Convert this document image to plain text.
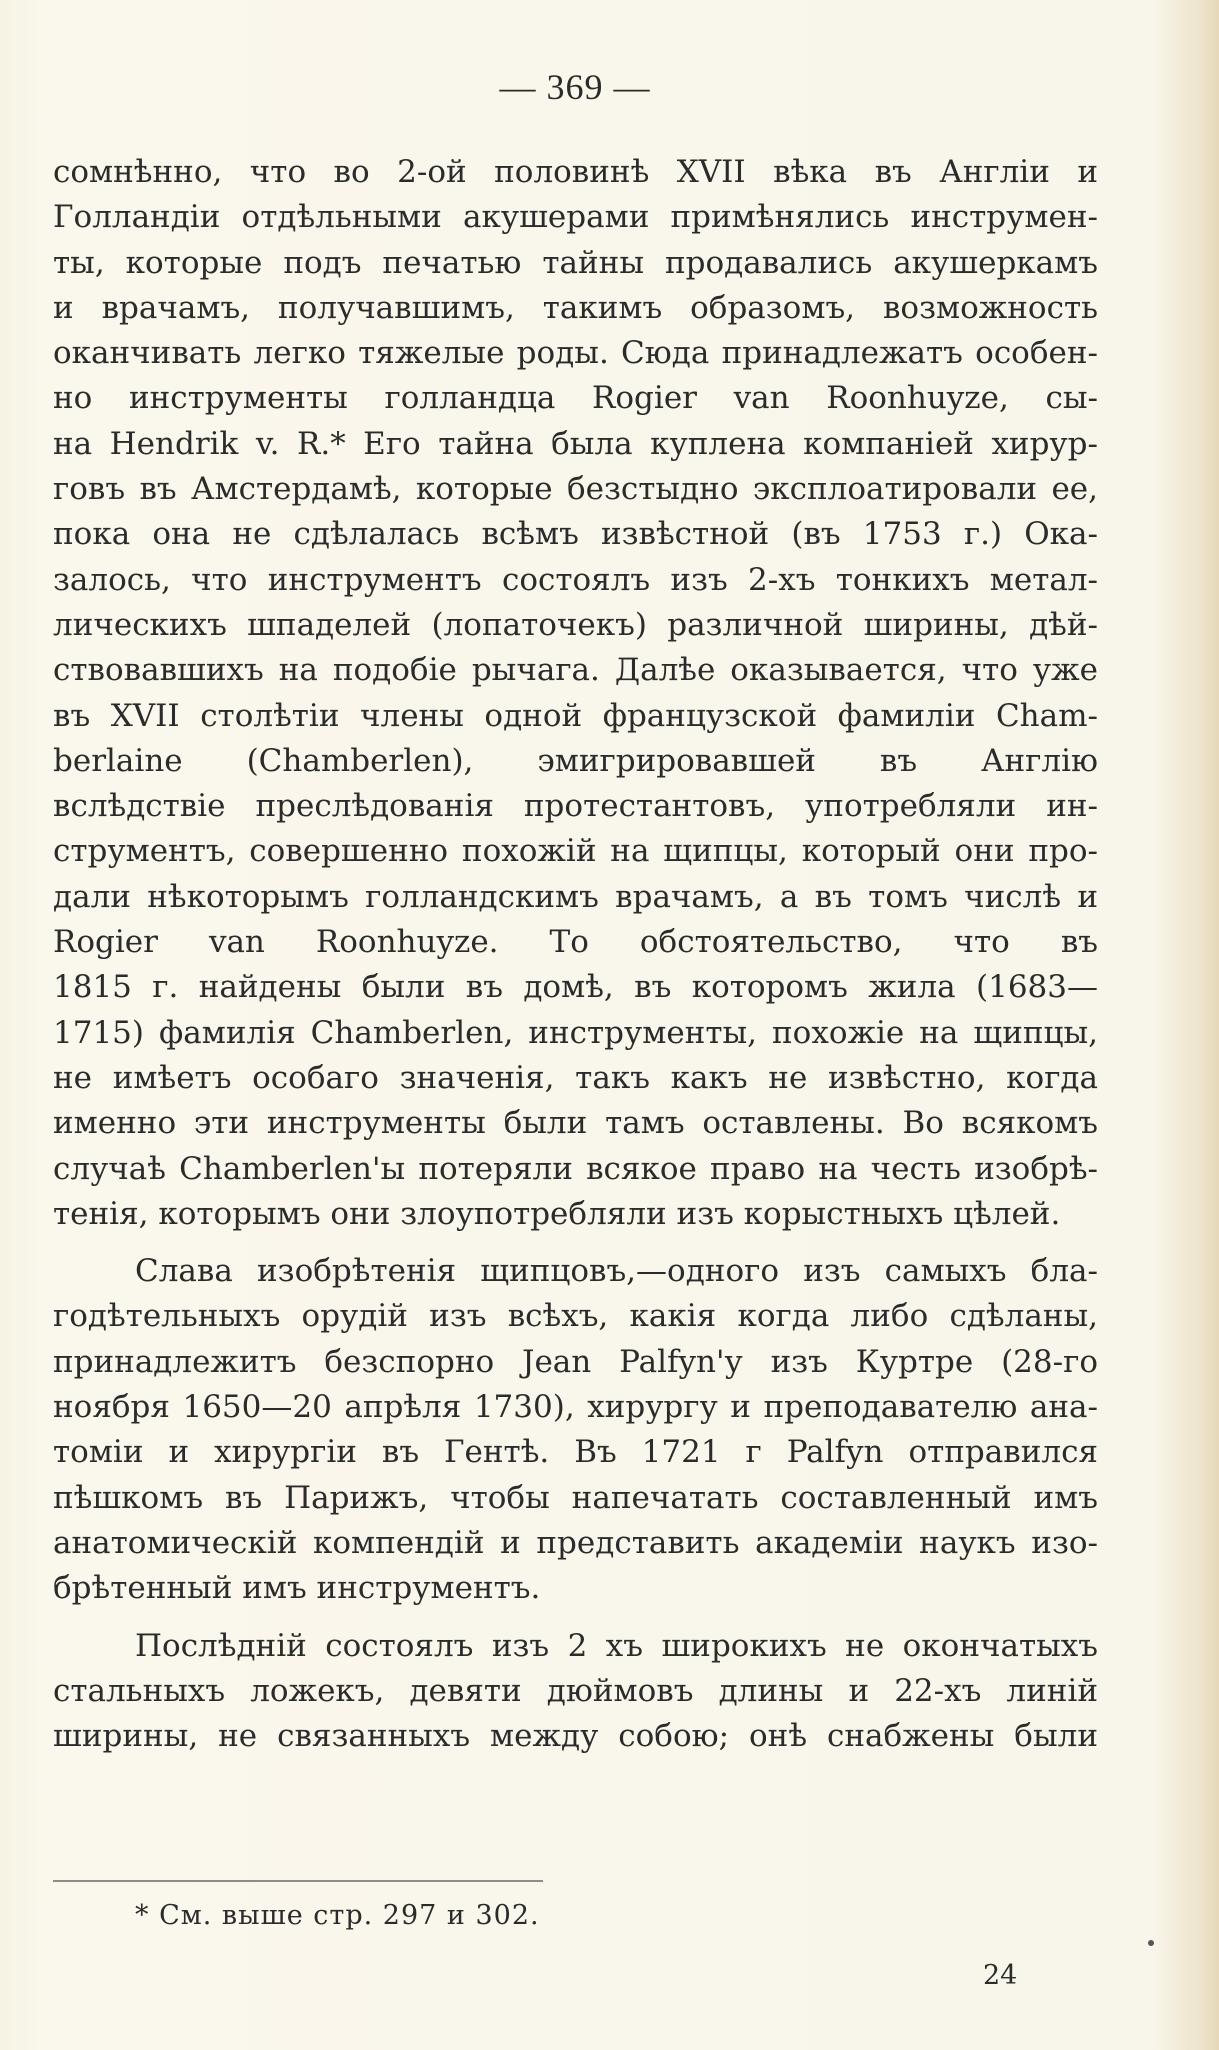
— 369 —
сомнѣнно, что во 2-ой половинѣ XVII вѣка въ Англіи и
Голландіи отдѣльными акушерами примѣнялись инструмен-
ты, которые подъ печатью тайны продавались акушеркамъ
и врачамъ, получавшимъ, такимъ образомъ, возможность
оканчивать легко тяжелые роды. Сюда принадлежатъ особен-
но инструменты голландца Rogier van Roonhuyze, сы-
на Hendrik v. R.* Его тайна была куплена компаніей хирур-
говъ въ Амстердамѣ, которые безстыдно эксплоатировали ее,
пока она не сдѣлалась всѣмъ извѣстной (въ 1753 г.) Ока-
залось, что инструментъ состоялъ изъ 2-хъ тонкихъ метал-
лическихъ шпаделей (лопаточекъ) различной ширины, дѣй-
ствовавшихъ на подобіе рычага. Далѣе оказывается, что уже
въ XVII столѣтіи члены одной французской фамиліи Cham-
berlaine (Chamberlen), эмигрировавшей въ Англію
вслѣдствіе преслѣдованія протестантовъ, употребляли ин-
струментъ, совершенно похожій на щипцы, который они про-
дали нѣкоторымъ голландскимъ врачамъ, а въ томъ числѣ и
Rogier van Roonhuyze. То обстоятельство, что въ
1815 г. найдены были въ домѣ, въ которомъ жила (1683—
1715) фамилія Chamberlen, инструменты, похожіе на щипцы,
не имѣетъ особаго значенія, такъ какъ не извѣстно, когда
именно эти инструменты были тамъ оставлены. Во всякомъ
случаѣ Chamberlen'ы потеряли всякое право на честь изобрѣ-
тенія, которымъ они злоупотребляли изъ корыстныхъ цѣлей.
Слава изобрѣтенія щипцовъ,—одного изъ самыхъ бла-
годѣтельныхъ орудій изъ всѣхъ, какія когда либо сдѣланы,
принадлежитъ безспорно Jean Palfyn'у изъ Куртре (28-го
ноября 1650—20 апрѣля 1730), хирургу и преподавателю ана-
томіи и хирургіи въ Гентѣ. Въ 1721 г Palfyn отправился
пѣшкомъ въ Парижъ, чтобы напечатать составленный имъ
анатомическій компендій и представить академіи наукъ изо-
брѣтенный имъ инструментъ.
Послѣдній состоялъ изъ 2 хъ широкихъ не окончатыхъ
стальныхъ ложекъ, девяти дюймовъ длины и 22-хъ линій
ширины, не связанныхъ между собою; онѣ снабжены были
* См. выше стр. 297 и 302.
24
